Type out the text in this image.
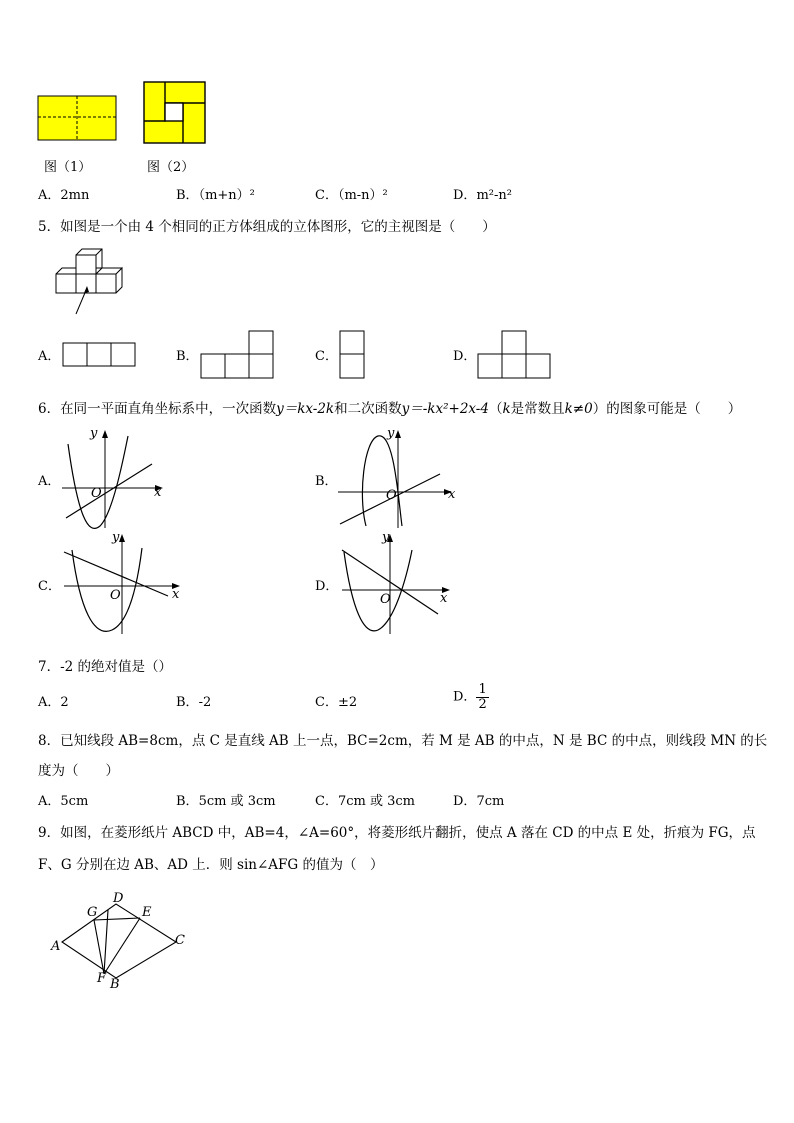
图（1）	图（2）
A．2mn	B．（m+n）²	C．（m-n）²	D．m²-n²
5．如图是一个由 4 个相同的正方体组成的立体图形，它的主视图是（　　）
A．	B．	C．	D．
6．在同一平面直角坐标系中，一次函数y＝kx-2k和二次函数y＝-kx²+2x-4（k是常数且k≠0）的图象可能是（　　）
A．
y
O	x
B．
y
O	x
C．
y
O	x
D．
y
O	x
7．-2 的绝对值是（）
A．2	B．-2	C．±2	D． $\frac{1}{2}$
8．已知线段 AB=8cm，点 C 是直线 AB 上一点，BC=2cm，若 M 是 AB 的中点，N 是 BC 的中点，则线段 MN 的长
度为（　　）
A．5cm	B．5cm 或 3cm	C．7cm 或 3cm	D．7cm
9．如图，在菱形纸片 ABCD 中，AB=4，∠A=60°，将菱形纸片翻折，使点 A 落在 CD 的中点 E 处，折痕为 FG，点
F、G 分别在边 AB、AD 上．则 sin∠AFG 的值为（　）
D
G	E
A	C
F B
